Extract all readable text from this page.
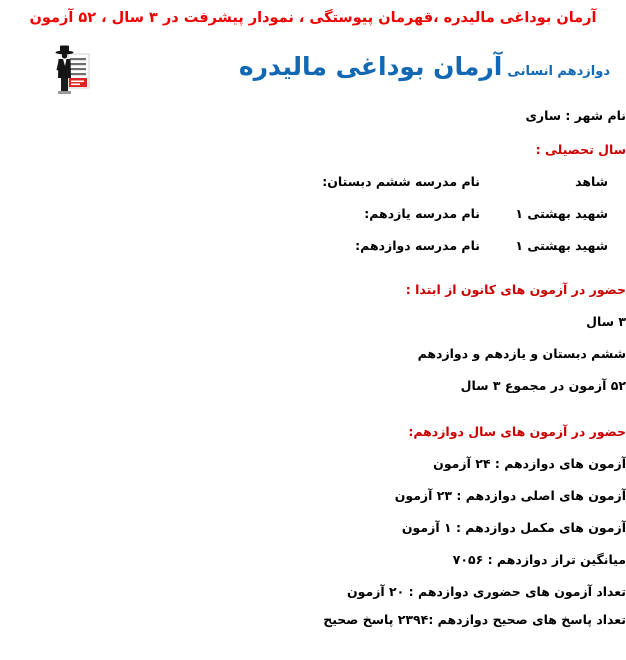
آرمان بوداغی مالیدره ،قهرمان پیوستگی ، نمودار پیشرفت در ۳ سال ، ۵۲ آزمون
دوازدهم انسانی آرمان بوداغی مالیدره
نام شهر : ساری
سال تحصیلی :
شاهدنام مدرسه ششم دبستان:
شهید بهشتی ۱نام مدرسه یازدهم:
شهید بهشتی ۱نام مدرسه دوازدهم:
حضور در آزمون های کانون از ابتدا :
۳ سال
ششم دبستان و یازدهم و دوازدهم
۵۲ آزمون در مجموع ۳ سال
حضور در آزمون های سال دوازدهم:
آزمون های دوازدهم : ۲۴ آزمون
آزمون های اصلی دوازدهم : ۲۳ آزمون
آزمون های مکمل دوازدهم : ۱ آزمون
میانگین تراز دوازدهم : ۷۰۵۶
تعداد آزمون های حضوری دوازدهم : ۲۰ آزمون
تعداد پاسخ های صحیح دوازدهم :۲۳۹۴ پاسخ صحیح
